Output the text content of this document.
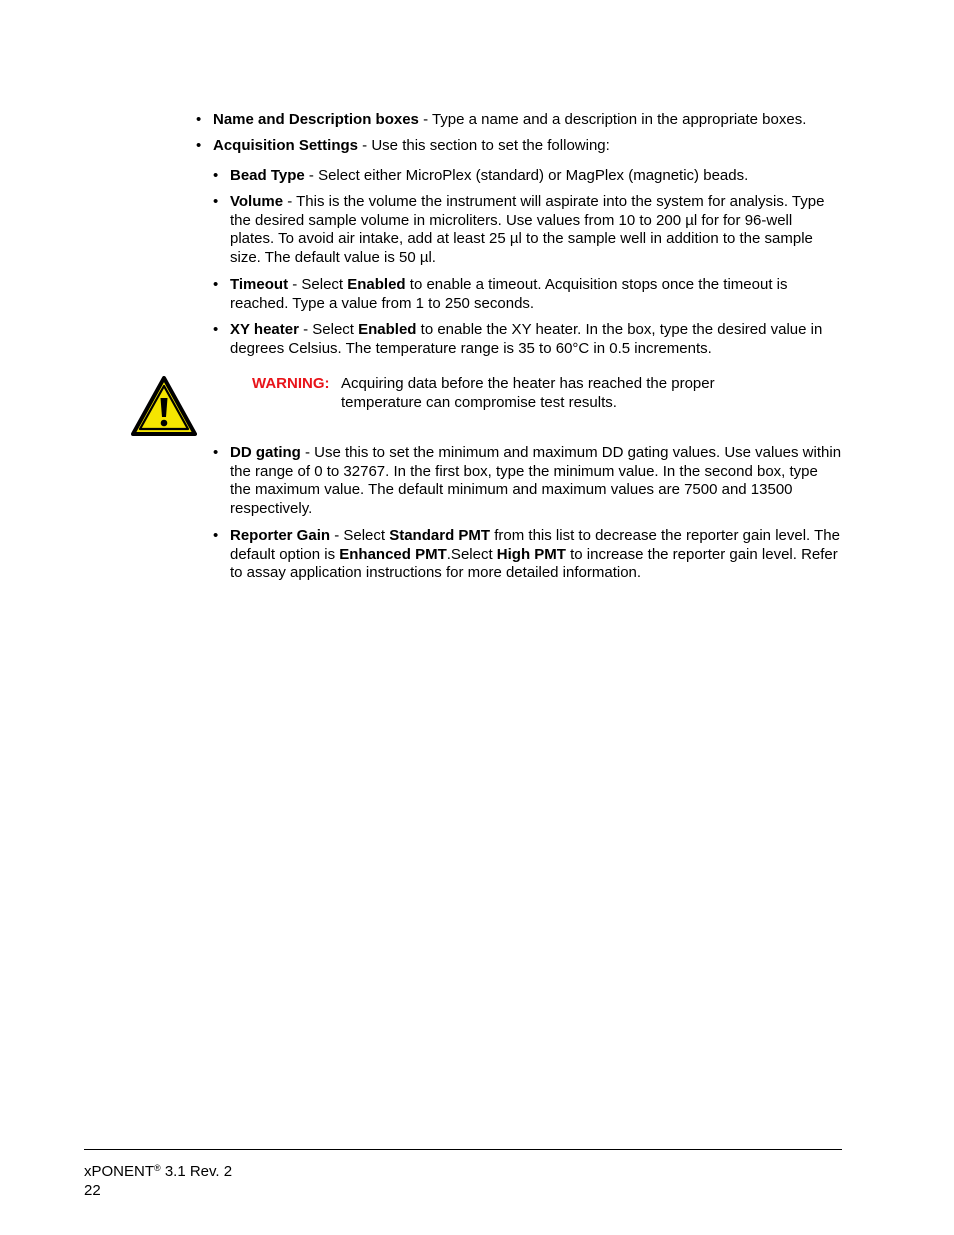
• Name and Description boxes - Type a name and a description in the appropriate boxes.
• Acquisition Settings - Use this section to set the following:
• Bead Type - Select either MicroPlex (standard) or MagPlex (magnetic) beads.
• Volume - This is the volume the instrument will aspirate into the system for analysis. Type the desired sample volume in microliters. Use values from 10 to 200 µl for for 96-well plates. To avoid air intake, add at least 25 µl to the sample well in addition to the sample size. The default value is 50 µl.
• Timeout - Select Enabled to enable a timeout. Acquisition stops once the timeout is reached. Type a value from 1 to 250 seconds.
• XY heater - Select Enabled to enable the XY heater. In the box, type the desired value in degrees Celsius. The temperature range is 35 to 60°C in 0.5 increments.
WARNING: Acquiring data before the heater has reached the proper temperature can compromise test results.
• DD gating - Use this to set the minimum and maximum DD gating values. Use values within the range of 0 to 32767. In the first box, type the minimum value. In the second box, type the maximum value. The default minimum and maximum values are 7500 and 13500 respectively.
• Reporter Gain - Select Standard PMT from this list to decrease the reporter gain level. The default option is Enhanced PMT.Select High PMT to increase the reporter gain level. Refer to assay application instructions for more detailed information.
xPONENT® 3.1 Rev. 2
22
